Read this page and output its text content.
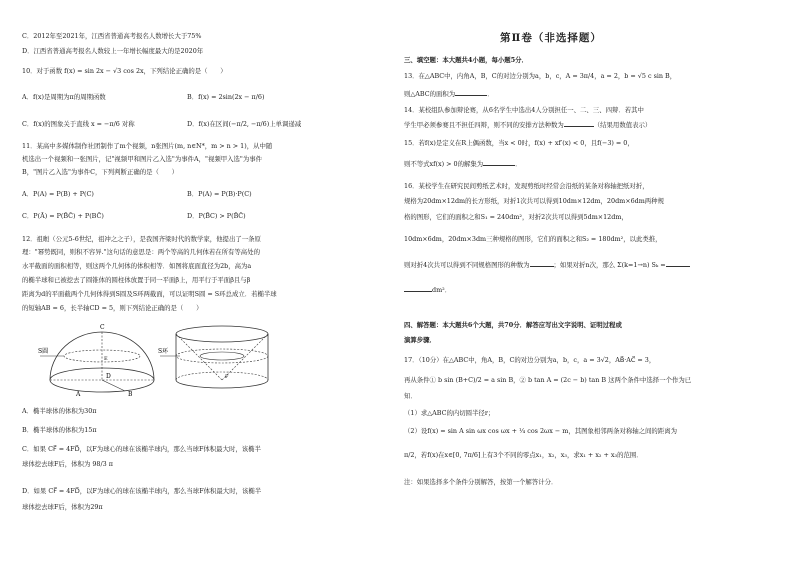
C．2012年至2021年，江西省普通高考报名人数增长大于75%
D．江西省普通高考报名人数较上一年增长幅度最大的是2020年
10．对于函数 f(x) = sin 2x − √3 cos 2x，下列结论正确的是（　　）
A．f(x)是周期为π的周期函数	B．f(x) = 2sin(2x − π/6)
C．f(x)的图象关于直线 x = −π/6 对称	D．f(x)在区间(−π/2, −π/6)上单调递减
11．某高中多媒体制作社团制作了m个视频，n张图片(m, n∈N*，m > n > 1)，从中随
机选出一个视频和一张图片，记"视频甲和图片乙入选"为事件A，"视频甲入选"为事件
B，"图片乙入选"为事件C，下列判断正确的是（　　）
A．P(A) = P(B) + P(C)	B．P(A) = P(B)·P(C)
C．P(Ā) = P(B̄C̄) + P(BC̄)	D．P(B̄C) > P(B̄C̄)
12．祖暅（公元5-6世纪，祖冲之之子），是我国齐梁时代的数学家，他提出了一条原
理："幂势既同，则积不容异."这句话的意思是：两个等高的几何体若在所有等高处的
水平截面的面积相等，则这两个几何体的体积相等．如图将底面直径为2b，高为a
的椭半球和已被挖去了圆锥体的圆柱体放置于同一平面β上，用平行于平面β且与β
距离为d的平面截两个几何体得到S圆及S环两截面，可以证明S圆 = S环总成立．若椭半球
的短轴AB = 6，长半轴CD = 5，则下列结论正确的是（　　）
S圆
C
D
E
A	B
S环
F
A．椭半球体的体积为30π
B．椭半球体的体积为15π
C．如果 CF⃗ = 4FD⃗，以F为球心的球在该椭半球内，那么当球F体积最大时，该椭半
球体挖去球F后，体积为 98/3 π
D．如果 CF⃗ = 4FD⃗，以F为球心的球在该椭半球内，那么当球F体积最大时，该椭半
球体挖去球F后，体积为29π
第Ⅱ卷（非选择题）
三、填空题：本大题共4小题，每小题5分．
13．在△ABC中，内角A，B，C的对边分别为a，b，c，A = 3π/4，a = 2，b = √5 c sin B，
则△ABC的面积为	．
14．某校组队参加辩论赛，从6名学生中选出4人分别担任一、二、三、四辩．若其中
学生甲必须参赛且不担任四辩，则不同的安排方法种数为	（结果用数值表示）
15．若f(x)是定义在R上偶函数，当x < 0时，f(x) + xf′(x) < 0，且f(−3) = 0，
则不等式xf(x) > 0的解集为	．
16．某校学生在研究民间剪纸艺术时，发现剪纸时经常会沿纸的某条对称轴把纸对折，
规格为20dm×12dm的长方形纸，对折1次共可以得到10dm×12dm，20dm×6dm两种规
格的图形，它们的面积之和S₁ = 240dm²，对折2次共可以得到5dm×12dm，
10dm×6dm，20dm×3dm三种规格的图形，它们的面积之和S₂ = 180dm²，以此类推，
则对折4次共可以得到不同规格图形的种数为	；如果对折n次，那么 Σ(k=1→n) Sₖ =
dm²．
四、解答题：本大题共6个大题，共70分．解答应写出文字说明、证明过程或
演算步骤．
17．（10分）在△ABC中，角A，B，C的对边分别为a，b，c，a = 3√2，AB⃗·AC⃗ = 3，
再从条件① b sin (B+C)/2 = a sin B，② b tan A = (2c − b) tan B 这两个条件中选择一个作为已
知．
（1）求△ABC的内切圆半径r；
（2）设f(x) = sin A sin ωx cos ωx + ¼ cos 2ωx − m，其图象相邻两条对称轴之间的距离为
π/2，若f(x)在x∈[0, 7π/6]上有3个不同的零点x₁，x₂，x₃，求x₁ + x₂ + x₃的范围．
注：如果选择多个条件分别解答，按第一个解答计分．
